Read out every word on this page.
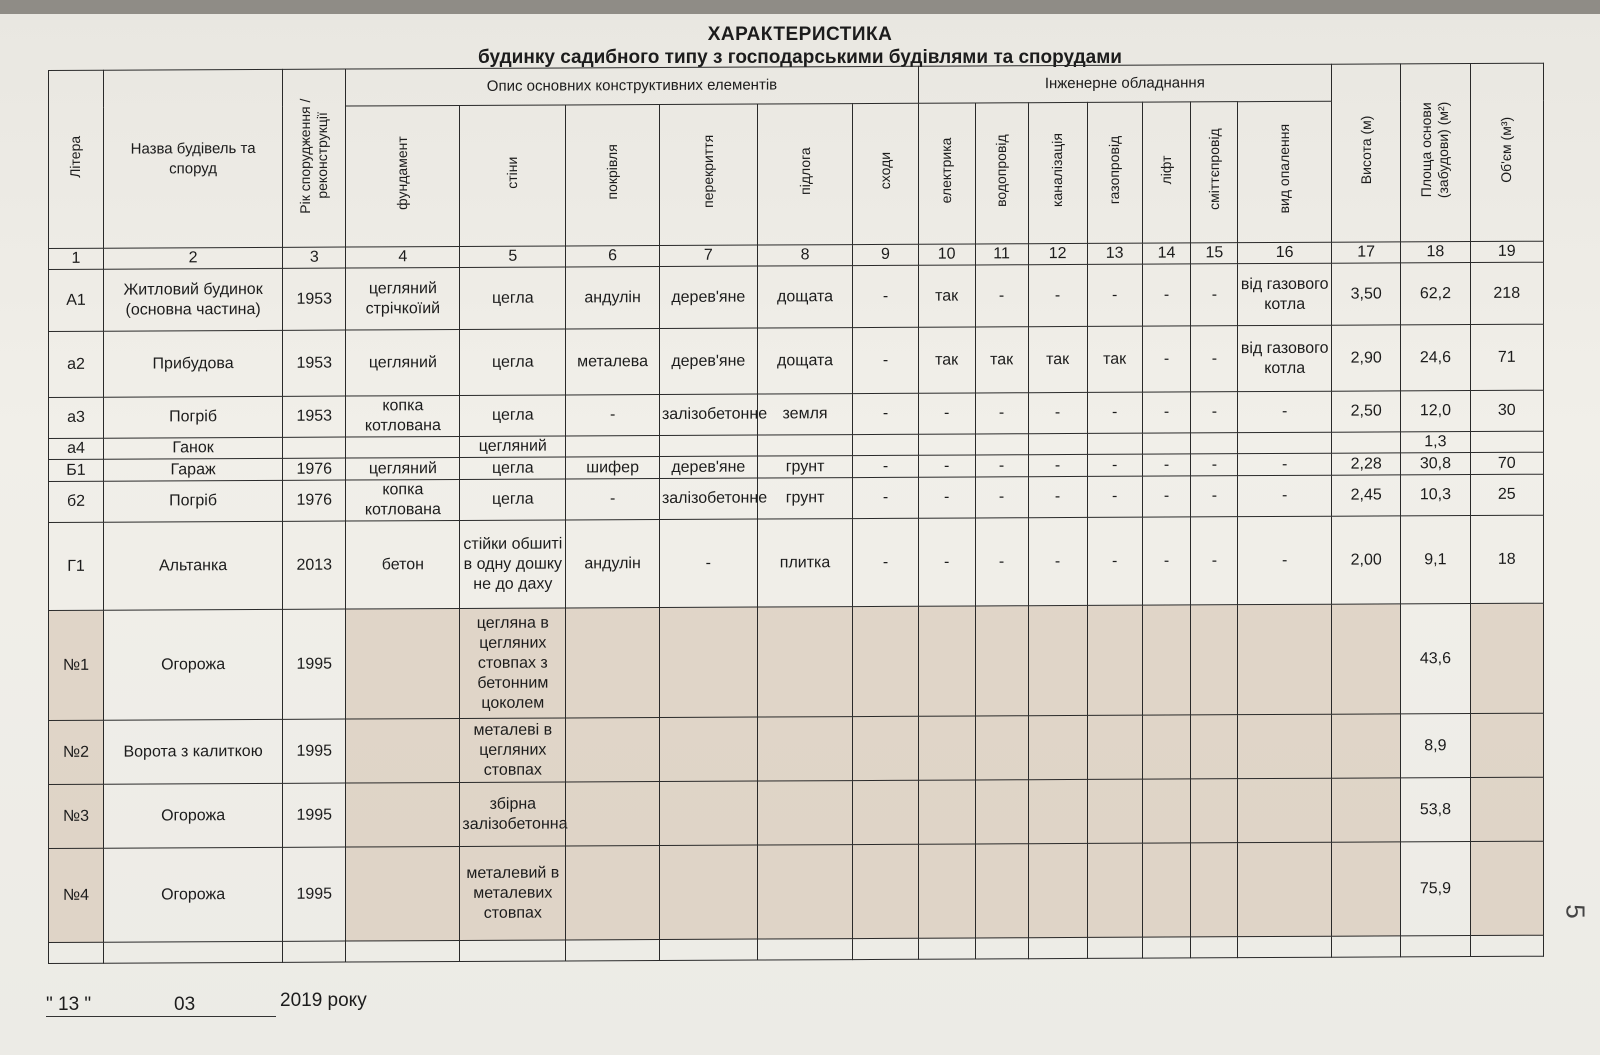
ХАРАКТЕРИСТИКА
будинку садибного типу з господарськими будівлями та спорудами
Літера	Назва будівель та споруд	Рік спорудження / реконструкції	Опис основних конструктивних елементів						Інженерне обладнання							Висота (м)	Площа основи (забудови) (м²)	Об'єм (м³)
			фундамент	стіни	покрівля	перекриття	підлога	сходи	електрика	водопровід	каналізація	газопровід	ліфт	сміттєпровід	вид опалення			
1	2	3	4	5	6	7	8	9	10	11	12	13	14	15	16	17	18	19
А1	Житловий будинок (основна частина)	1953	цегляний стрічкоїий	цегла	андулін	дерев'яне	дощата	-	так	-	-	-	-	-	від газового котла	3,50	62,2	218
а2	Прибудова	1953	цегляний	цегла	металева	дерев'яне	дощата	-	так	так	так	так	-	-	від газового котла	2,90	24,6	71
а3	Погріб	1953	копка котлована	цегла	-	залізобетонне	земля	-	-	-	-	-	-	-	-	2,50	12,0	30
а4	Ганок			цегляний													1,3	
Б1	Гараж	1976	цегляний	цегла	шифер	дерев'яне	грунт	-	-	-	-	-	-	-	-	2,28	30,8	70
б2	Погріб	1976	копка котлована	цегла	-	залізобетонне	грунт	-	-	-	-	-	-	-	-	2,45	10,3	25
Г1	Альтанка	2013	бетон	стійки обшиті в одну дошку не до даху	андулін	-	плитка	-	-	-	-	-	-	-	-	2,00	9,1	18
№1	Огорожа	1995		цегляна в цегляних стовпах з бетонним цоколем													43,6	
№2	Ворота з калиткою	1995		металеві в цегляних стовпах													8,9	
№3	Огорожа	1995		збірна залізобетонна													53,8	
№4	Огорожа	1995		металевий в металевих стовпах													75,9	

" 13 "	03	2019 року
5
